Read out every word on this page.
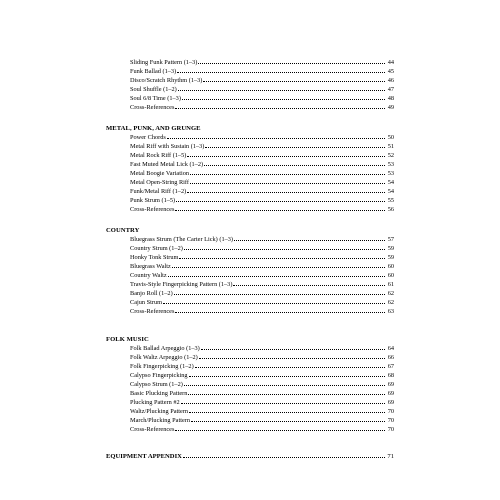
Sliding Funk Pattern (1–3)	44
Funk Ballad (1–3)	45
Disco/Scratch Rhythm (1–3)	46
Soul Shuffle (1–2)	47
Soul 6/8 Time (1–3)	48
Cross-References	49
METAL, PUNK, AND GRUNGE
Power Chords	50
Metal Riff with Sustain (1–3)	51
Metal Rock Riff (1–5)	52
Fast Muted Metal Lick (1–2)	53
Metal Boogie Variation	53
Metal Open-String Riff	54
Funk/Metal Riff (1–2)	54
Punk Strum (1–5)	55
Cross-References	56
COUNTRY
Bluegrass Strum (The Carter Lick) (1–3)	57
Country Strum (1–2)	59
Honky Tonk Strum	59
Bluegrass Waltz	60
Country Waltz	60
Travis-Style Fingerpicking Pattern (1–3)	61
Banjo Roll (1–2)	62
Cajun Strum	62
Cross-References	63
FOLK MUSIC
Folk Ballad Arpeggio (1–3)	64
Folk Waltz Arpeggio (1–2)	66
Folk Fingerpicking (1–2)	67
Calypso Fingerpicking	68
Calypso Strum (1–2)	69
Basic Plucking Pattern	69
Plucking Pattern #2	69
Waltz/Plucking Pattern	70
March/Plucking Pattern	70
Cross-References	70
EQUIPMENT APPENDIX	71
